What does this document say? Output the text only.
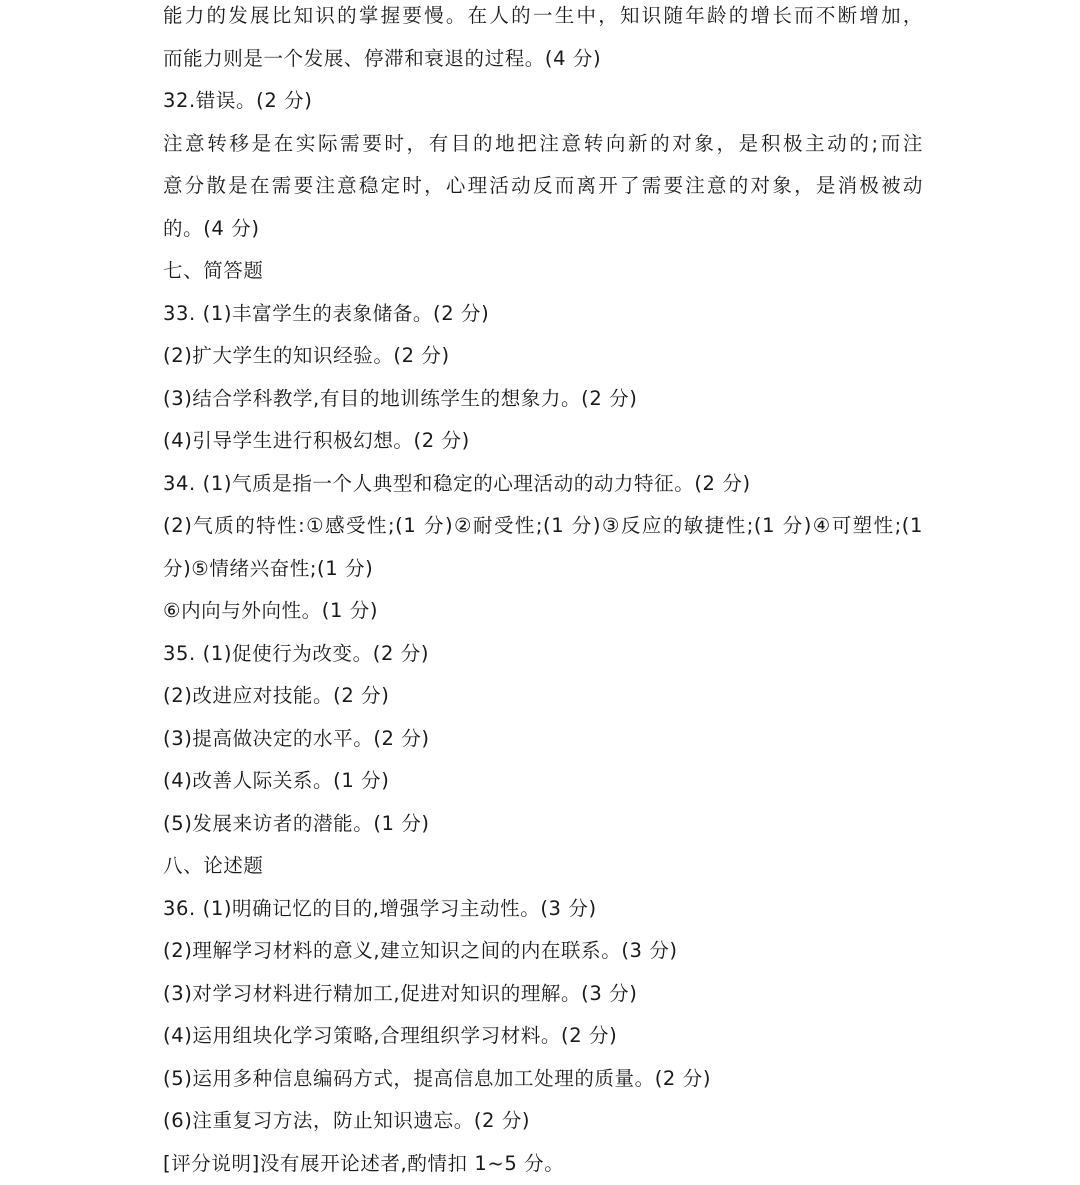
能力的发展比知识的掌握要慢。在人的一生中，知识随年龄的增长而不断增加，
而能力则是一个发展、停滞和衰退的过程。(4 分)
32.错误。(2 分)
注意转移是在实际需要时，有目的地把注意转向新的对象，是积极主动的;而注
意分散是在需要注意稳定时，心理活动反而离开了需要注意的对象，是消极被动
的。(4 分)
七、简答题
33. (1)丰富学生的表象储备。(2 分)
(2)扩大学生的知识经验。(2 分)
(3)结合学科教学,有目的地训练学生的想象力。(2 分)
(4)引导学生进行积极幻想。(2 分)
34. (1)气质是指一个人典型和稳定的心理活动的动力特征。(2 分)
(2)气质的特性:①感受性;(1 分)②耐受性;(1 分)③反应的敏捷性;(1 分)④可塑性;(1
分)⑤情绪兴奋性;(1 分)
⑥内向与外向性。(1 分)
35. (1)促使行为改变。(2 分)
(2)改进应对技能。(2 分)
(3)提高做决定的水平。(2 分)
(4)改善人际关系。(1 分)
(5)发展来访者的潜能。(1 分)
八、论述题
36. (1)明确记忆的目的,增强学习主动性。(3 分)
(2)理解学习材料的意义,建立知识之间的内在联系。(3 分)
(3)对学习材料进行精加工,促进对知识的理解。(3 分)
(4)运用组块化学习策略,合理组织学习材料。(2 分)
(5)运用多种信息编码方式，提高信息加工处理的质量。(2 分)
(6)注重复习方法，防止知识遗忘。(2 分)
[评分说明]没有展开论述者,酌情扣 1~5 分。
